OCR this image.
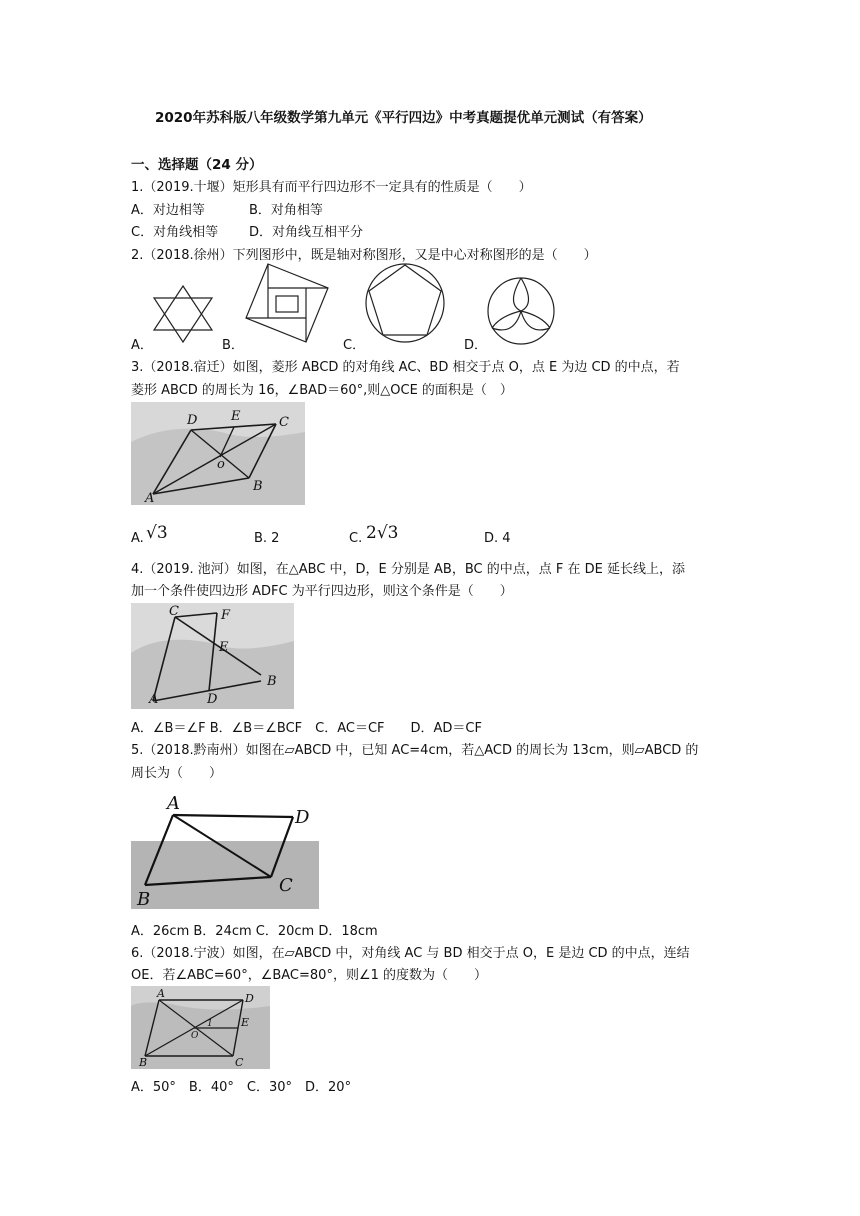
2020年苏科版八年级数学第九单元《平行四边》中考真题提优单元测试（有答案）
一、选择题（24 分）
1.（2019.十堰）矩形具有而平行四边形不一定具有的性质是（　　）
A．对边相等	B．对角相等
C．对角线相等 D．对角线互相平分
2.（2018.徐州）下列图形中，既是轴对称图形，又是中心对称图形的是（　　）
A．	B．	C．	D．
3.（2018.宿迁）如图，菱形 ABCD 的对角线 AC、BD 相交于点 O，点 E 为边 CD 的中点，若
菱形 ABCD 的周长为 16，∠BAD＝60°,则△OCE 的面积是（　）
D	E	C
o
A
B
A. √3	B. 2	C. 2√3	D. 4
4.（2019. 池河）如图，在△ABC 中，D，E 分别是 AB，BC 的中点，点 F 在 DE 延长线上，添
加一个条件使四边形 ADFC 为平行四边形，则这个条件是（　　）
C	F
E
A	D
B
A．∠B＝∠F B．∠B＝∠BCF　C．AC＝CF　　D．AD＝CF
5.（2018.黔南州）如图在▱ABCD 中，已知 AC=4cm，若△ACD 的周长为 13cm，则▱ABCD 的
周长为（　　）
A
D
B
C
A．26cm B．24cm C．20cm D．18cm
6.（2018.宁波）如图，在▱ABCD 中，对角线 AC 与 BD 相交于点 O，E 是边 CD 的中点，连结
OE．若∠ABC=60°，∠BAC=80°，则∠1 的度数为（　　）
A	D
E
O
1
B	C
A．50°　B．40°　C．30°　D．20°
